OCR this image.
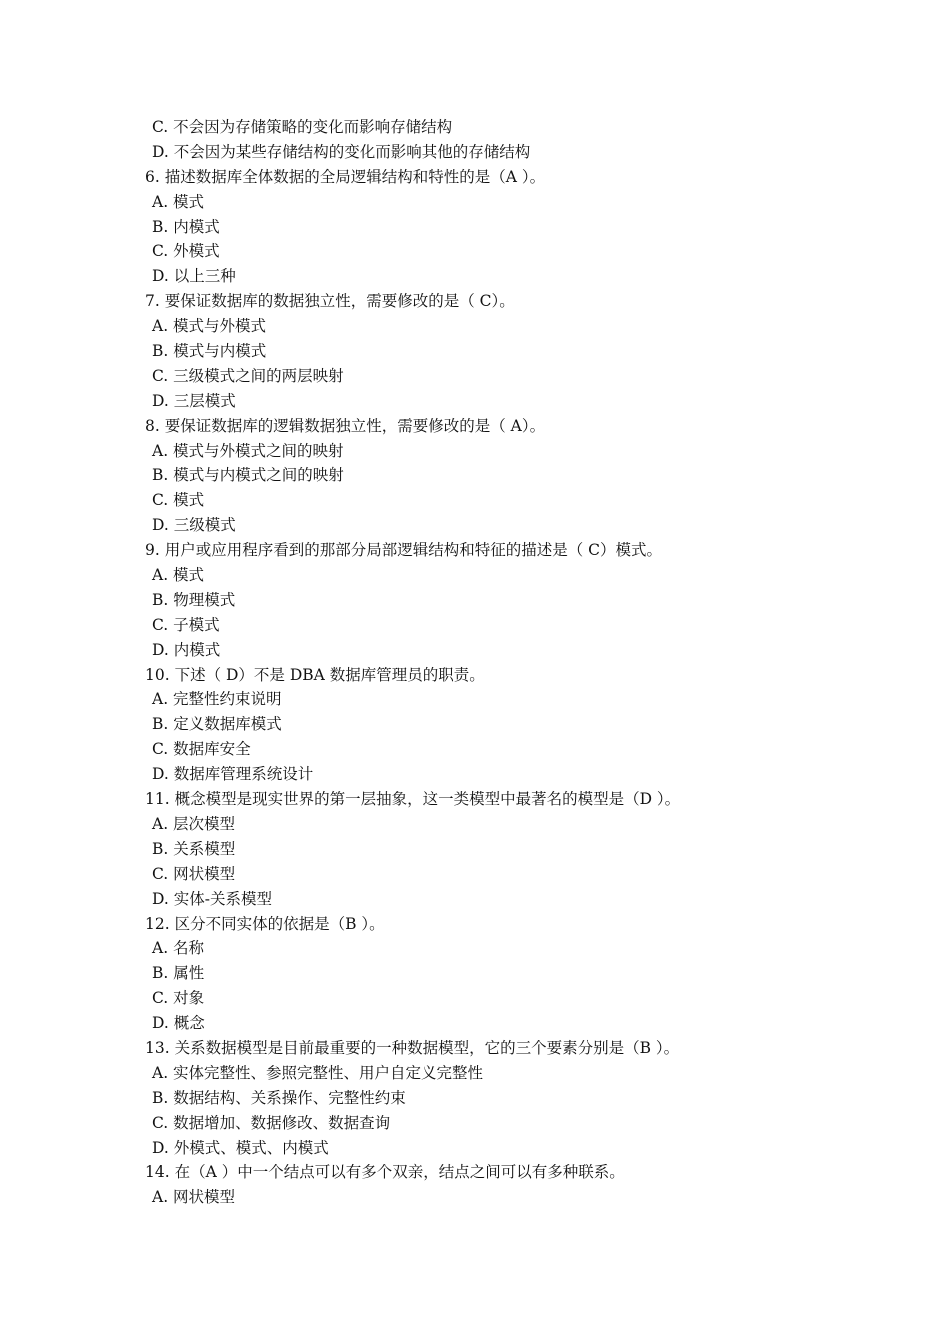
C. 不会因为存储策略的变化而影响存储结构
D. 不会因为某些存储结构的变化而影响其他的存储结构
6. 描述数据库全体数据的全局逻辑结构和特性的是（A ）。
A. 模式
B. 内模式
C. 外模式
D. 以上三种
7. 要保证数据库的数据独立性，需要修改的是（ C）。
A. 模式与外模式
B. 模式与内模式
C. 三级模式之间的两层映射
D. 三层模式
8. 要保证数据库的逻辑数据独立性，需要修改的是（ A）。
A. 模式与外模式之间的映射
B. 模式与内模式之间的映射
C. 模式
D. 三级模式
9. 用户或应用程序看到的那部分局部逻辑结构和特征的描述是（ C）模式。
A. 模式
B. 物理模式
C. 子模式
D. 内模式
10. 下述（ D）不是 DBA 数据库管理员的职责。
A. 完整性约束说明
B. 定义数据库模式
C. 数据库安全
D. 数据库管理系统设计
11. 概念模型是现实世界的第一层抽象，这一类模型中最著名的模型是（D ）。
A. 层次模型
B. 关系模型
C. 网状模型
D. 实体-关系模型
12. 区分不同实体的依据是（B ）。
A. 名称
B. 属性
C. 对象
D. 概念
13. 关系数据模型是目前最重要的一种数据模型，它的三个要素分别是（B ）。
A. 实体完整性、参照完整性、用户自定义完整性
B. 数据结构、关系操作、完整性约束
C. 数据增加、数据修改、数据查询
D. 外模式、模式、内模式
14. 在（A ）中一个结点可以有多个双亲，结点之间可以有多种联系。
A. 网状模型
